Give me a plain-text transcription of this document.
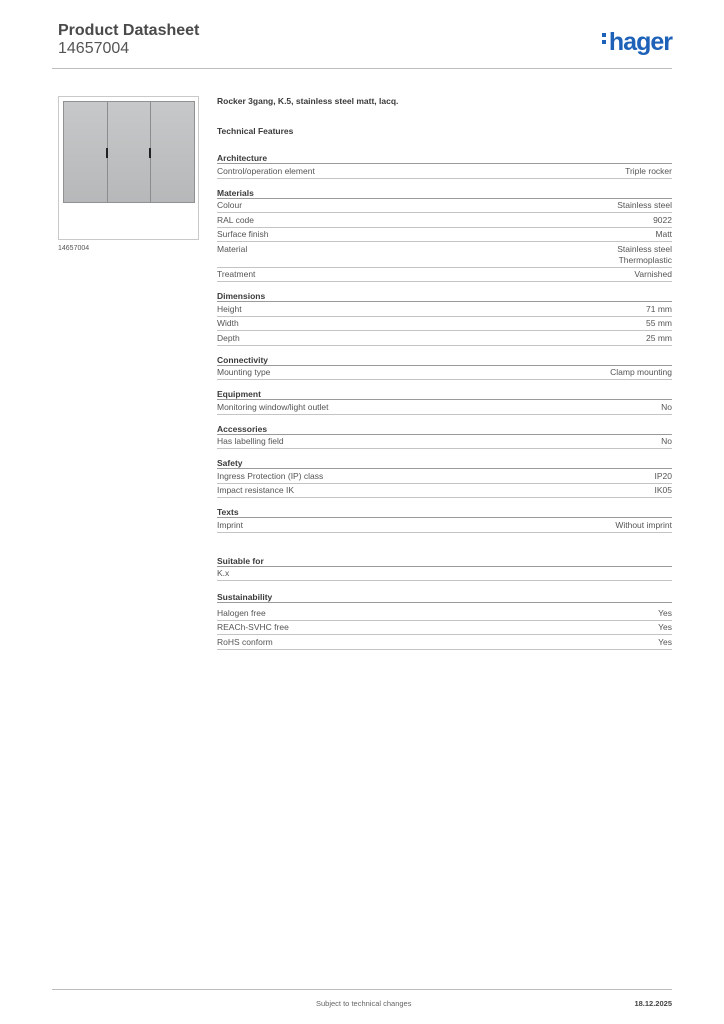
Product Datasheet
14657004	hager
14657004
Rocker 3gang, K.5, stainless steel matt, lacq.
Technical Features
Architecture
Control/operation element	Triple rocker
Materials
Colour	Stainless steel
RAL code	9022
Surface finish	Matt
Material	Stainless steel
Thermoplastic
Treatment	Varnished
Dimensions
Height	71 mm
Width	55 mm
Depth	25 mm
Connectivity
Mounting type	Clamp mounting
Equipment
Monitoring window/light outlet	No
Accessories
Has labelling field	No
Safety
Ingress Protection (IP) class	IP20
Impact resistance IK	IK05
Texts
Imprint	Without imprint
Suitable for
K.x
Sustainability
Halogen free	Yes
REACh-SVHC free	Yes
RoHS conform	Yes
Subject to technical changes	18.12.2025
